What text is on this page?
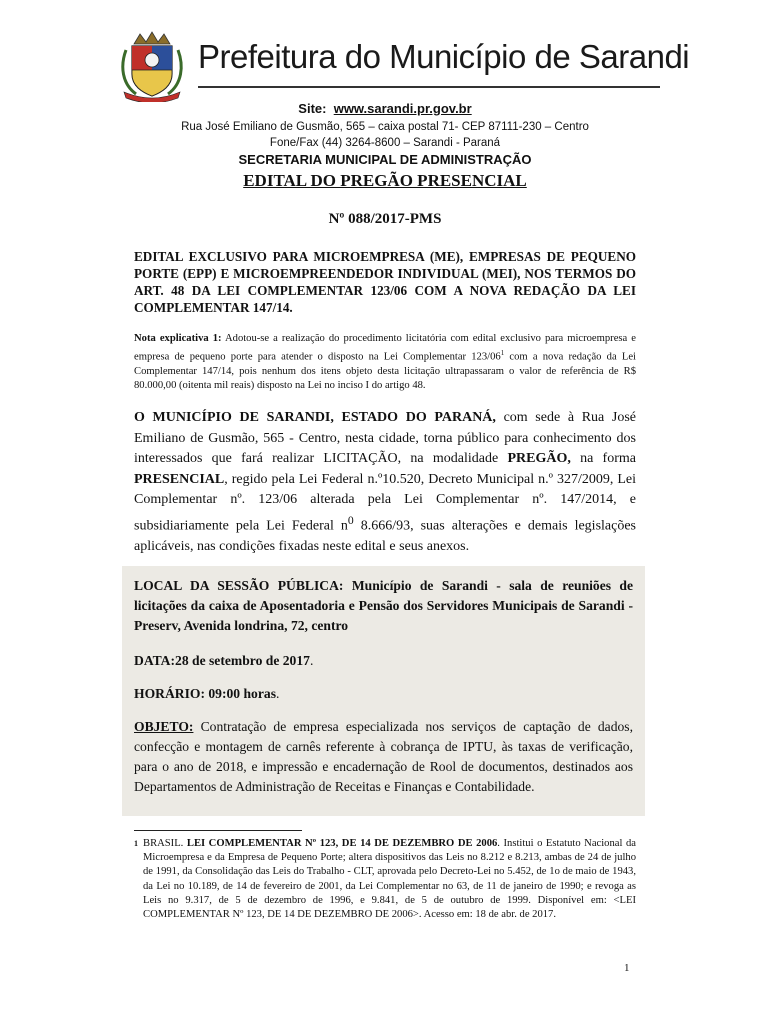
Prefeitura do Município de Sarandi
Site: www.sarandi.pr.gov.br
Rua José Emiliano de Gusmão, 565 – caixa postal 71- CEP 87111-230 – Centro
Fone/Fax (44) 3264-8600 – Sarandi - Paraná
SECRETARIA MUNICIPAL DE ADMINISTRAÇÃO
EDITAL DO PREGÃO PRESENCIAL
Nº 088/2017-PMS
EDITAL EXCLUSIVO PARA MICROEMPRESA (ME), EMPRESAS DE PEQUENO PORTE (EPP) E MICROEMPREENDEDOR INDIVIDUAL (MEI), NOS TERMOS DO ART. 48 DA LEI COMPLEMENTAR 123/06 COM A NOVA REDAÇÃO DA LEI COMPLEMENTAR 147/14.
Nota explicativa 1: Adotou-se a realização do procedimento licitatória com edital exclusivo para microempresa e empresa de pequeno porte para atender o disposto na Lei Complementar $123/06^1$ com a nova redação da Lei Complementar 147/14, pois nenhum dos itens objeto desta licitação ultrapassaram o valor de referência de R$ 80.000,00 (oitenta mil reais) disposto na Lei no inciso I do artigo 48.
O MUNICÍPIO DE SARANDI, ESTADO DO PARANÁ, com sede à Rua José Emiliano de Gusmão, 565 - Centro, nesta cidade, torna público para conhecimento dos interessados que fará realizar LICITAÇÃO, na modalidade PREGÃO, na forma PRESENCIAL, regido pela Lei Federal n.º10.520, Decreto Municipal n.º 327/2009, Lei Complementar nº. 123/06 alterada pela Lei Complementar nº. 147/2014, e subsidiariamente pela Lei Federal $n^0$ 8.666/93, suas alterações e demais legislações aplicáveis, nas condições fixadas neste edital e seus anexos.

LOCAL DA SESSÃO PÚBLICA: Município de Sarandi - sala de reuniões de licitações da caixa de Aposentadoria e Pensão dos Servidores Municipais de Sarandi - Preserv, Avenida londrina, 72, centro

DATA:28 de setembro de 2017.

HORÁRIO: 09:00 horas.

OBJETO: Contratação de empresa especializada nos serviços de captação de dados, confecção e montagem de carnês referente à cobrança de IPTU, às taxas de verificação, para o ano de 2018, e impressão e encadernação de Rool de documentos, destinados aos Departamentos de Administração de Receitas e Finanças e Contabilidade.

1 BRASIL. LEI COMPLEMENTAR Nº 123, DE 14 DE DEZEMBRO DE 2006. Institui o Estatuto Nacional da Microempresa e da Empresa de Pequeno Porte; altera dispositivos das Leis no 8.212 e 8.213, ambas de 24 de julho de 1991, da Consolidação das Leis do Trabalho - CLT, aprovada pelo Decreto-Lei no 5.452, de 1o de maio de 1943, da Lei no 10.189, de 14 de fevereiro de 2001, da Lei Complementar no 63, de 11 de janeiro de 1990; e revoga as Leis no 9.317, de 5 de dezembro de 1996, e 9.841, de 5 de outubro de 1999. Disponível em: <LEI COMPLEMENTAR Nº 123, DE 14 DE DEZEMBRO DE 2006>. Acesso em: 18 de abr. de 2017.
1
